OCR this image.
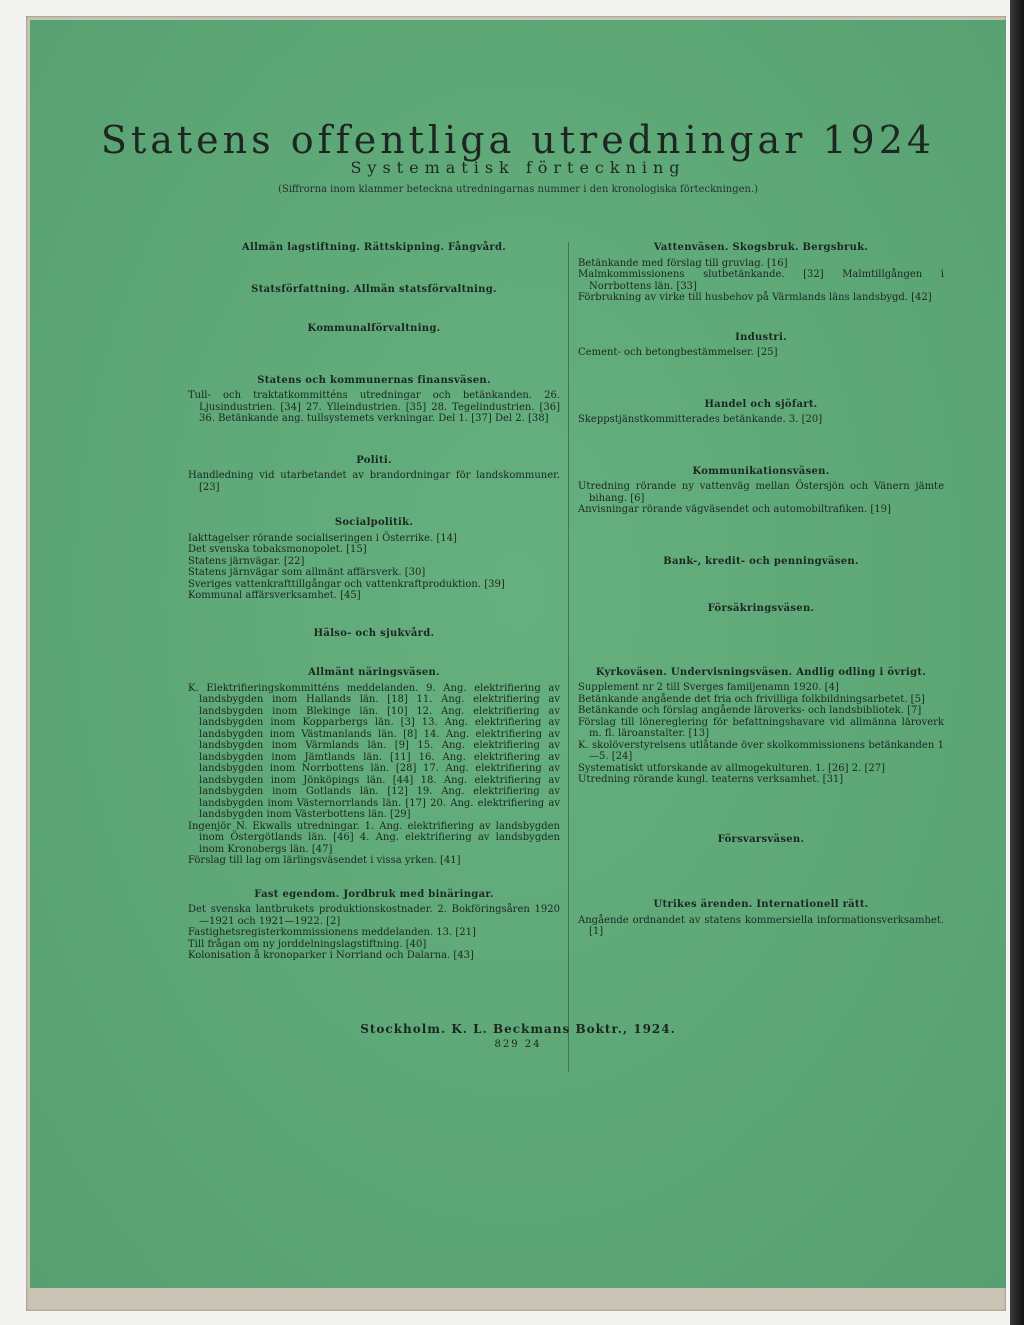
Statens offentliga utredningar 1924
Systematisk förteckning
(Siffrorna inom klammer beteckna utredningarnas nummer i den kronologiska förteckningen.)
Allmän lagstiftning. Rättskipning. Fångvård.
Statsförfattning. Allmän statsförvaltning.
Kommunalförvaltning.
Statens och kommunernas finansväsen.
Tull- och traktatkommitténs utredningar och betänkanden. 26. Ljusindustrien. [34] 27. Ylleindustrien. [35] 28. Tegelindustrien. [36] 36. Betänkande ang. tullsystemets verkningar. Del 1. [37] Del 2. [38]
Politi.
Handledning vid utarbetandet av brandordningar för landskommuner. [23]
Socialpolitik.
Iakttagelser rörande socialiseringen i Österrike. [14]
Det svenska tobaksmonopolet. [15]
Statens järnvägar. [22]
Statens järnvägar som allmänt affärsverk. [30]
Sveriges vattenkrafttillgångar och vattenkraftproduktion. [39]
Kommunal affärsverksamhet. [45]
Hälso- och sjukvård.
Allmänt näringsväsen.
K. Elektrifieringskommitténs meddelanden. 9. Ang. elektrifiering av landsbygden inom Hallands län. [18] 11. Ang. elektrifiering av landsbygden inom Blekinge län. [10] 12. Ang. elektrifiering av landsbygden inom Kopparbergs län. [3] 13. Ang. elektrifiering av landsbygden inom Västmanlands län. [8] 14. Ang. elektrifiering av landsbygden inom Värmlands län. [9] 15. Ang. elektrifiering av landsbygden inom Jämtlands län. [11] 16. Ang. elektrifiering av landsbygden inom Norrbottens län. [28] 17. Ang. elektrifiering av landsbygden inom Jönköpings län. [44] 18. Ang. elektrifiering av landsbygden inom Gotlands län. [12] 19. Ang. elektrifiering av landsbygden inom Västernorrlands län. [17] 20. Ang. elektrifiering av landsbygden inom Västerbottens län. [29]
Ingenjör N. Ekwalls utredningar. 1. Ang. elektrifiering av landsbygden inom Östergötlands län. [46] 4. Ang. elektrifiering av landsbygden inom Kronobergs län. [47]
Förslag till lag om lärlingsväsendet i vissa yrken. [41]
Fast egendom. Jordbruk med binäringar.
Det svenska lantbrukets produktionskostnader. 2. Bokföringsåren 1920—1921 och 1921—1922. [2]
Fastighetsregisterkommissionens meddelanden. 13. [21]
Till frågan om ny jorddelningslagstiftning. [40]
Kolonisation å kronoparker i Norrland och Dalarna. [43]
Vattenväsen. Skogsbruk. Bergsbruk.
Betänkande med förslag till gruvlag. [16]
Malmkommissionens slutbetänkande. [32] Malmtillgången i Norrbottens län. [33]
Förbrukning av virke till husbehov på Värmlands läns landsbygd. [42]
Industri.
Cement- och betongbestämmelser. [25]
Handel och sjöfart.
Skeppstjänstkommitterades betänkande. 3. [20]
Kommunikationsväsen.
Utredning rörande ny vattenväg mellan Östersjön och Vänern jämte bihang. [6]
Anvisningar rörande vägväsendet och automobiltrafiken. [19]
Bank-, kredit- och penningväsen.
Försäkringsväsen.
Kyrkoväsen. Undervisningsväsen. Andlig odling i övrigt.
Supplement nr 2 till Sverges familjenamn 1920. [4]
Betänkande angående det fria och frivilliga folkbildningsarbetet. [5]
Betänkande och förslag angående läroverks- och landsbibliotek. [7]
Förslag till lönereglering för befattningshavare vid allmänna läroverk m. fl. läroanstalter. [13]
K. skolöverstyrelsens utlåtande över skolkommissionens betänkanden 1—5. [24]
Systematiskt utforskande av allmogekulturen. 1. [26] 2. [27]
Utredning rörande kungl. teaterns verksamhet. [31]
Försvarsväsen.
Utrikes ärenden. Internationell rätt.
Angående ordnandet av statens kommersiella informationsverksamhet. [1]
Stockholm. K. L. Beckmans Boktr., 1924.
829 24
